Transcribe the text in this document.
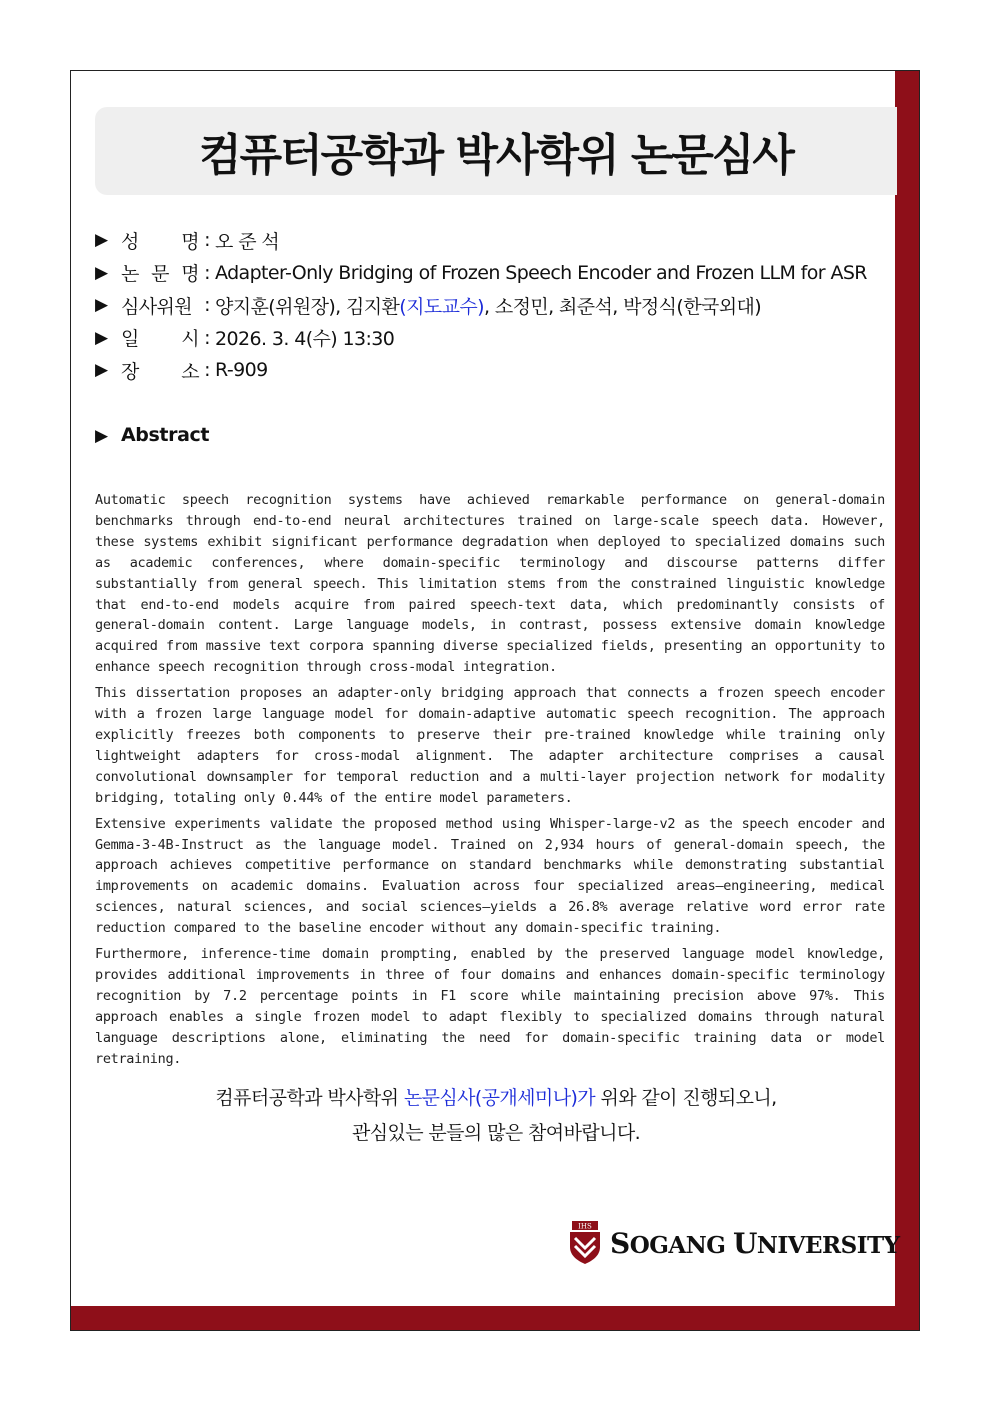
컴퓨터공학과 박사학위 논문심사
▶ 성 명 : 오 준 석
▶ 논 문 명 : Adapter-Only Bridging of Frozen Speech Encoder and Frozen LLM for ASR
▶ 심사위원 : 양지훈(위원장), 김지환(지도교수), 소정민, 최준석, 박정식(한국외대)
▶ 일 시 : 2026. 3. 4(수) 13:30
▶ 장 소 : R-909
▶ Abstract

Automatic speech recognition systems have achieved remarkable performance on general-domain benchmarks through end-to-end neural architectures trained on large-scale speech data. However, these systems exhibit significant performance degradation when deployed to specialized domains such as academic conferences, where domain-specific terminology and discourse patterns differ substantially from general speech. This limitation stems from the constrained linguistic knowledge that end-to-end models acquire from paired speech-text data, which predominantly consists of general-domain content. Large language models, in contrast, possess extensive domain knowledge acquired from massive text corpora spanning diverse specialized fields, presenting an opportunity to enhance speech recognition through cross-modal integration.

This dissertation proposes an adapter-only bridging approach that connects a frozen speech encoder with a frozen large language model for domain-adaptive automatic speech recognition. The approach explicitly freezes both components to preserve their pre-trained knowledge while training only lightweight adapters for cross-modal alignment. The adapter architecture comprises a causal convolutional downsampler for temporal reduction and a multi-layer projection network for modality bridging, totaling only 0.44% of the entire model parameters.

Extensive experiments validate the proposed method using Whisper-large-v2 as the speech encoder and Gemma-3-4B-Instruct as the language model. Trained on 2,934 hours of general-domain speech, the approach achieves competitive performance on standard benchmarks while demonstrating substantial improvements on academic domains. Evaluation across four specialized areas—engineering, medical sciences, natural sciences, and social sciences—yields a 26.8% average relative word error rate reduction compared to the baseline encoder without any domain-specific training.

Furthermore, inference-time domain prompting, enabled by the preserved language model knowledge, provides additional improvements in three of four domains and enhances domain-specific terminology recognition by 7.2 percentage points in F1 score while maintaining precision above 97%. This approach enables a single frozen model to adapt flexibly to specialized domains through natural language descriptions alone, eliminating the need for domain-specific training data or model retraining.

컴퓨터공학과 박사학위 논문심사(공개세미나)가 위와 같이 진행되오니,
관심있는 분들의 많은 참여바랍니다.
IHS SOGANG UNIVERSITY
